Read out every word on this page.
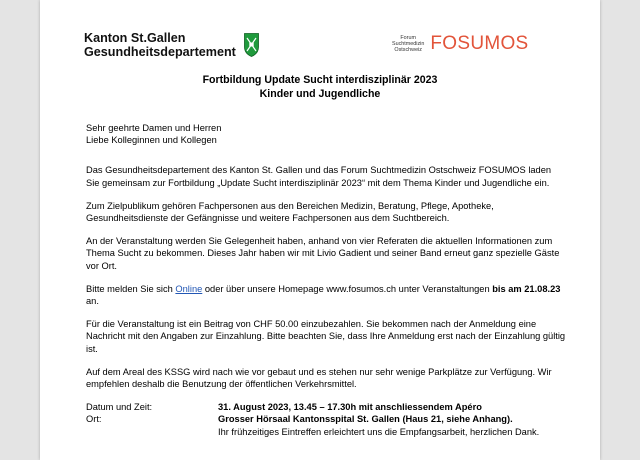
Kanton St.Gallen
Gesundheitsdepartement
Forum
Suchtmedizin
Ostschweiz FOSUMOS
Fortbildung Update Sucht interdisziplinär 2023
Kinder und Jugendliche

Sehr geehrte Damen und Herren
Liebe Kolleginnen und Kollegen

Das Gesundheitsdepartement des Kanton St. Gallen und das Forum Suchtmedizin Ostschweiz FOSUMOS laden Sie gemeinsam zur Fortbildung „Update Sucht interdisziplinär 2023“ mit dem Thema Kinder und Jugendliche ein.

Zum Zielpublikum gehören Fachpersonen aus den Bereichen Medizin, Beratung, Pflege, Apotheke, Gesundheitsdienste der Gefängnisse und weitere Fachpersonen aus dem Suchtbereich.

An der Veranstaltung werden Sie Gelegenheit haben, anhand von vier Referaten die aktuellen Informationen zum Thema Sucht zu bekommen. Dieses Jahr haben wir mit Livio Gadient und seiner Band erneut ganz spezielle Gäste vor Ort.

Bitte melden Sie sich Online oder über unsere Homepage www.fosumos.ch unter Veranstaltungen bis am 21.08.23 an.

Für die Veranstaltung ist ein Beitrag von CHF 50.00 einzubezahlen. Sie bekommen nach der Anmeldung eine Nachricht mit den Angaben zur Einzahlung. Bitte beachten Sie, dass Ihre Anmeldung erst nach der Einzahlung gültig ist.

Auf dem Areal des KSSG wird nach wie vor gebaut und es stehen nur sehr wenige Parkplätze zur Verfügung. Wir empfehlen deshalb die Benutzung der öffentlichen Verkehrsmittel.

Datum und Zeit:	31. August 2023, 13.45 – 17.30h mit anschliessendem Apéro
Ort:	Grosser Hörsaal Kantonsspital St. Gallen (Haus 21, siehe Anhang).
Ihr frühzeitiges Eintreffen erleichtert uns die Empfangsarbeit, herzlichen Dank.
